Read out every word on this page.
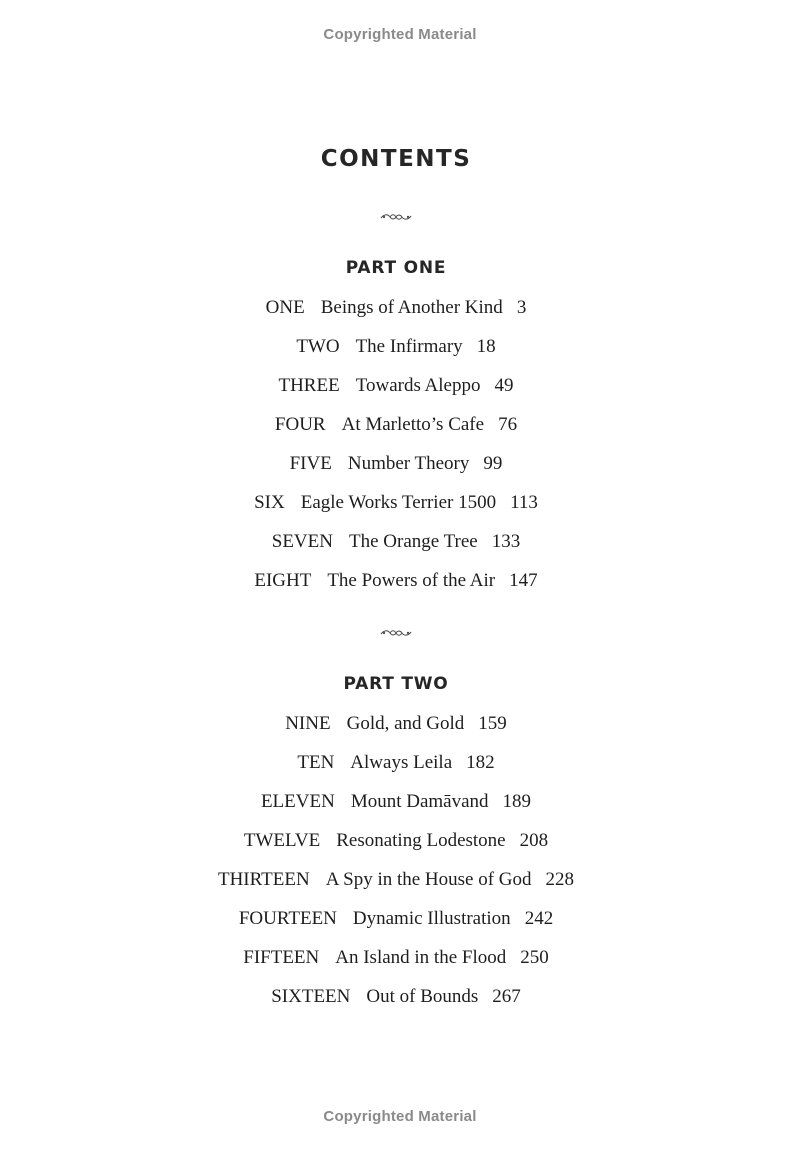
Copyrighted Material
CONTENTS
PART ONE
ONE Beings of Another Kind 3
TWO The Infirmary 18
THREE Towards Aleppo 49
FOUR At Marletto’s Cafe 76
FIVE Number Theory 99
SIX Eagle Works Terrier 1500 113
SEVEN The Orange Tree 133
EIGHT The Powers of the Air 147
PART TWO
NINE Gold, and Gold 159
TEN Always Leila 182
ELEVEN Mount Damāvand 189
TWELVE Resonating Lodestone 208
THIRTEEN A Spy in the House of God 228
FOURTEEN Dynamic Illustration 242
FIFTEEN An Island in the Flood 250
SIXTEEN Out of Bounds 267
Copyrighted Material
